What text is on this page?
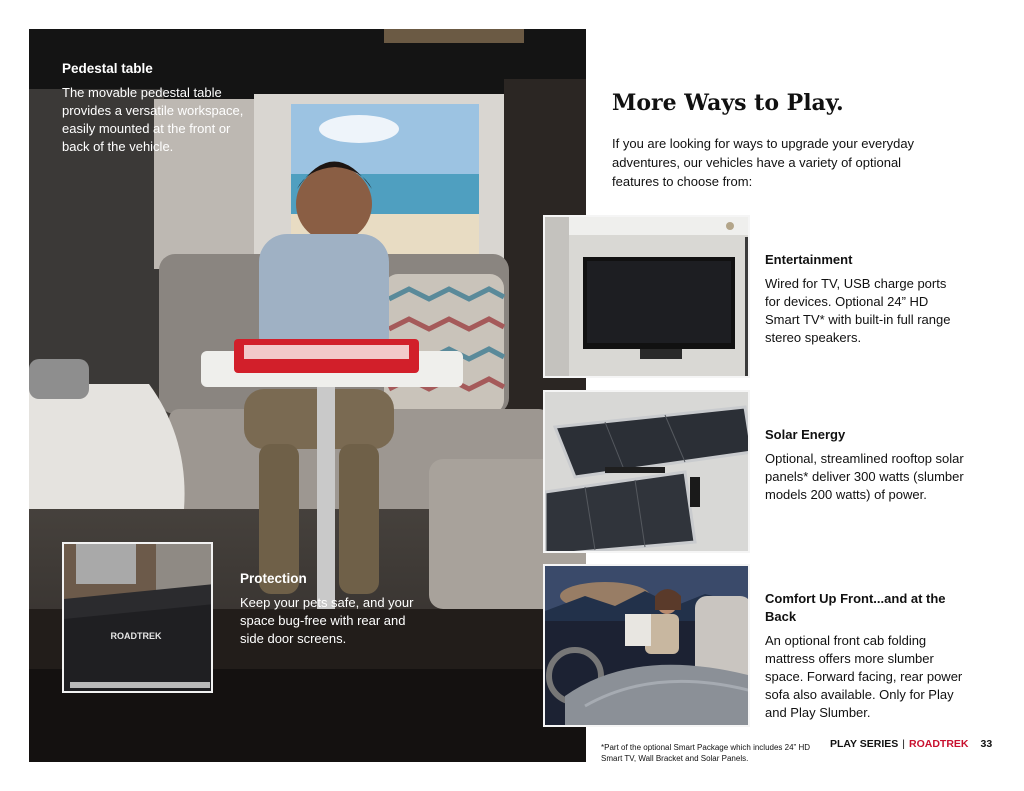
Pedestal table
The movable pedestal table provides a versatile workspace, easily mounted at the front or back of the vehicle.
ROADTREK
Protection
Keep your pets safe, and your space bug-free with rear and side door screens.
More Ways to Play.

If you are looking for ways to upgrade your everyday adventures, our vehicles have a variety of optional features to choose from:

Entertainment
Wired for TV, USB charge ports for devices. Optional 24” HD Smart TV* with built-in full range stereo speakers.
Solar Energy
Optional, streamlined rooftop solar panels* deliver 300 watts (slumber models 200 watts) of power.
Comfort Up Front...and at the Back
An optional front cab folding mattress offers more slumber space. Forward facing, rear power sofa also available. Only for Play and Play Slumber.
*Part of the optional Smart Package which includes 24” HD Smart TV, Wall Bracket and Solar Panels.
PLAY SERIES | ROADTREK 33
